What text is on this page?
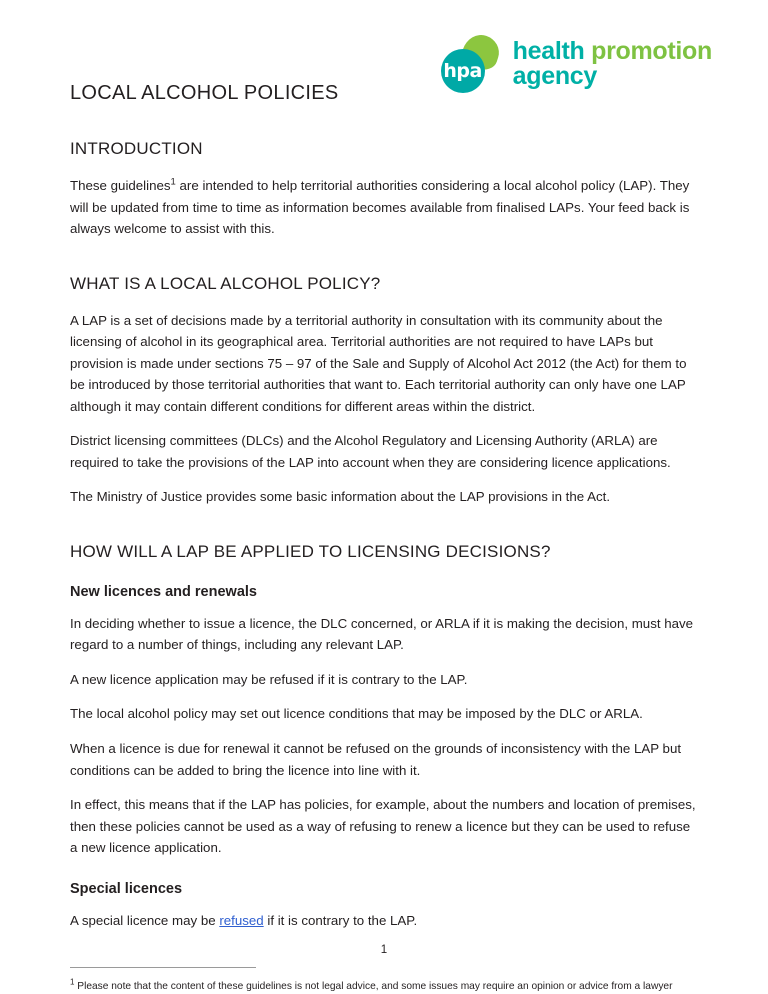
hpa
health promotion
agency
LOCAL ALCOHOL POLICIES
INTRODUCTION

These guidelines$^1$ are intended to help territorial authorities considering a local alcohol policy (LAP). They will be updated from time to time as information becomes available from finalised LAPs. Your feed back is always welcome to assist with this.

WHAT IS A LOCAL ALCOHOL POLICY?

A LAP is a set of decisions made by a territorial authority in consultation with its community about the licensing of alcohol in its geographical area. Territorial authorities are not required to have LAPs but provision is made under sections 75 – 97 of the Sale and Supply of Alcohol Act 2012 (the Act) for them to be introduced by those territorial authorities that want to. Each territorial authority can only have one LAP although it may contain different conditions for different areas within the district.

District licensing committees (DLCs) and the Alcohol Regulatory and Licensing Authority (ARLA) are required to take the provisions of the LAP into account when they are considering licence applications.

The Ministry of Justice provides some basic information about the LAP provisions in the Act.

HOW WILL A LAP BE APPLIED TO LICENSING DECISIONS?
New licences and renewals

In deciding whether to issue a licence, the DLC concerned, or ARLA if it is making the decision, must have regard to a number of things, including any relevant LAP.

A new licence application may be refused if it is contrary to the LAP.

The local alcohol policy may set out licence conditions that may be imposed by the DLC or ARLA.

When a licence is due for renewal it cannot be refused on the grounds of inconsistency with the LAP but conditions can be added to bring the licence into line with it.

In effect, this means that if the LAP has policies, for example, about the numbers and location of premises, then these policies cannot be used as a way of refusing to renew a licence but they can be used to refuse a new licence application.

Special licences

A special licence may be refused if it is contrary to the LAP.

$^1$ Please note that the content of these guidelines is not legal advice, and some issues may require an opinion or advice from a lawyer

1
